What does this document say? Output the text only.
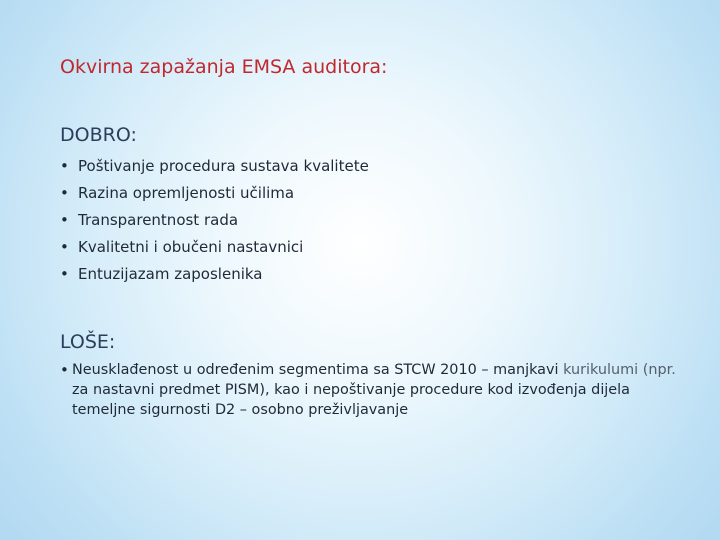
Okvirna zapažanja EMSA auditora:
DOBRO:
• Poštivanje procedura sustava kvalitete
• Razina opremljenosti učilima
• Transparentnost rada
• Kvalitetni i obučeni nastavnici
• Entuzijazam zaposlenika
LOŠE:
• Neusklađenost u određenim segmentima sa STCW 2010 – manjkavi kurikulumi (npr. za nastavni predmet PISM), kao i nepoštivanje procedure kod izvođenja dijela temeljne sigurnosti D2 – osobno preživljavanje
